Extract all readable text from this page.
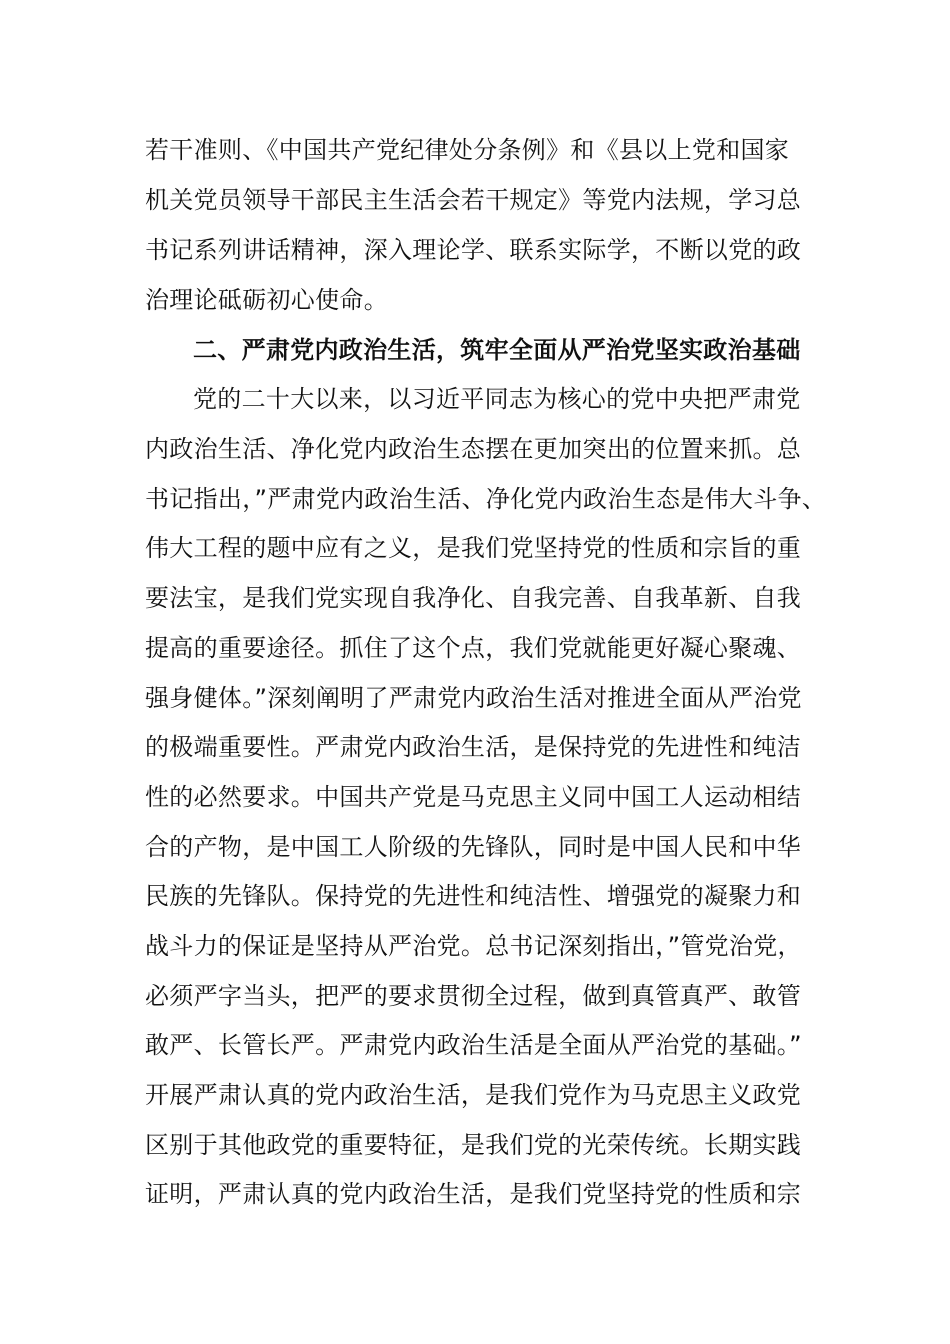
若干准则、《中国共产党纪律处分条例》和《县以上党和国家
机关党员领导干部民主生活会若干规定》等党内法规，学习总
书记系列讲话精神，深入理论学、联系实际学，不断以党的政
治理论砥砺初心使命。
二、严肃党内政治生活，筑牢全面从严治党坚实政治基础
党的二十大以来，以习近平同志为核心的党中央把严肃党
内政治生活、净化党内政治生态摆在更加突出的位置来抓。总
书记指出，”严肃党内政治生活、净化党内政治生态是伟大斗争、
伟大工程的题中应有之义，是我们党坚持党的性质和宗旨的重
要法宝，是我们党实现自我净化、自我完善、自我革新、自我
提高的重要途径。抓住了这个点，我们党就能更好凝心聚魂、
强身健体。”深刻阐明了严肃党内政治生活对推进全面从严治党
的极端重要性。严肃党内政治生活，是保持党的先进性和纯洁
性的必然要求。中国共产党是马克思主义同中国工人运动相结
合的产物，是中国工人阶级的先锋队，同时是中国人民和中华
民族的先锋队。保持党的先进性和纯洁性、增强党的凝聚力和
战斗力的保证是坚持从严治党。总书记深刻指出，”管党治党，
必须严字当头，把严的要求贯彻全过程，做到真管真严、敢管
敢严、长管长严。严肃党内政治生活是全面从严治党的基础。”
开展严肃认真的党内政治生活，是我们党作为马克思主义政党
区别于其他政党的重要特征，是我们党的光荣传统。长期实践
证明，严肃认真的党内政治生活，是我们党坚持党的性质和宗
